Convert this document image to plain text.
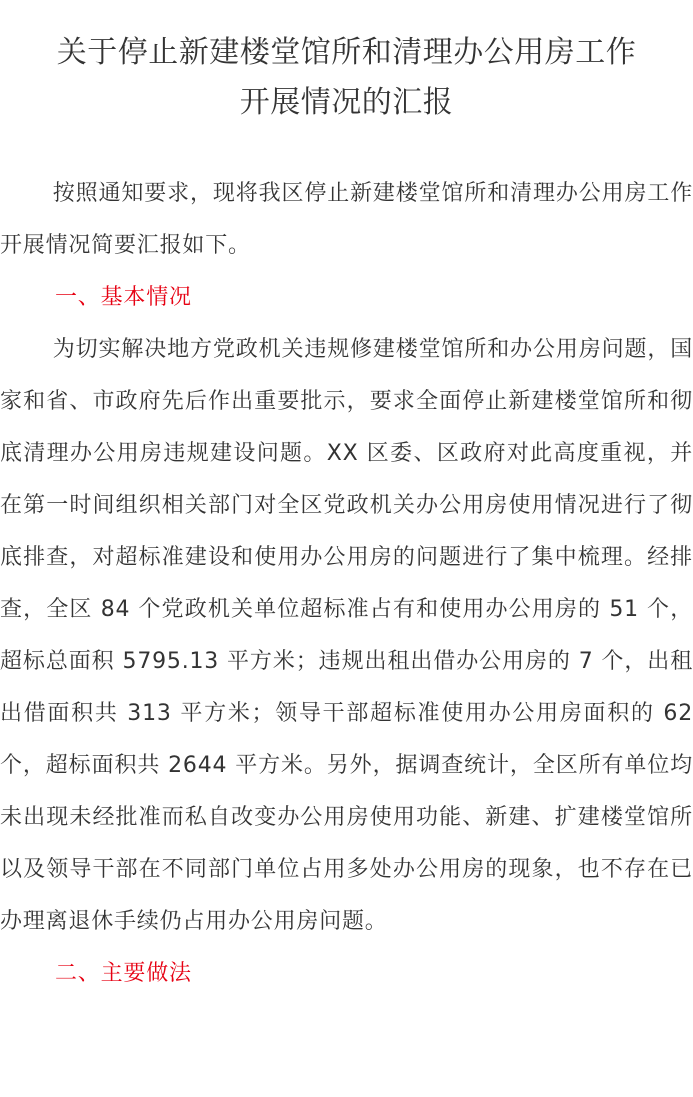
关于停止新建楼堂馆所和清理办公用房工作
开展情况的汇报

按照通知要求，现将我区停止新建楼堂馆所和清理办公用房工作开展情况简要汇报如下。

一、基本情况

为切实解决地方党政机关违规修建楼堂馆所和办公用房问题，国家和省、市政府先后作出重要批示，要求全面停止新建楼堂馆所和彻底清理办公用房违规建设问题。XX 区委、区政府对此高度重视，并在第一时间组织相关部门对全区党政机关办公用房使用情况进行了彻底排查，对超标准建设和使用办公用房的问题进行了集中梳理。经排查，全区 84 个党政机关单位超标准占有和使用办公用房的 51 个，超标总面积 5795.13 平方米；违规出租出借办公用房的 7 个，出租出借面积共 313 平方米；领导干部超标准使用办公用房面积的 62 个，超标面积共 2644 平方米。另外，据调查统计，全区所有单位均未出现未经批准而私自改变办公用房使用功能、新建、扩建楼堂馆所以及领导干部在不同部门单位占用多处办公用房的现象，也不存在已办理离退休手续仍占用办公用房问题。

二、主要做法
